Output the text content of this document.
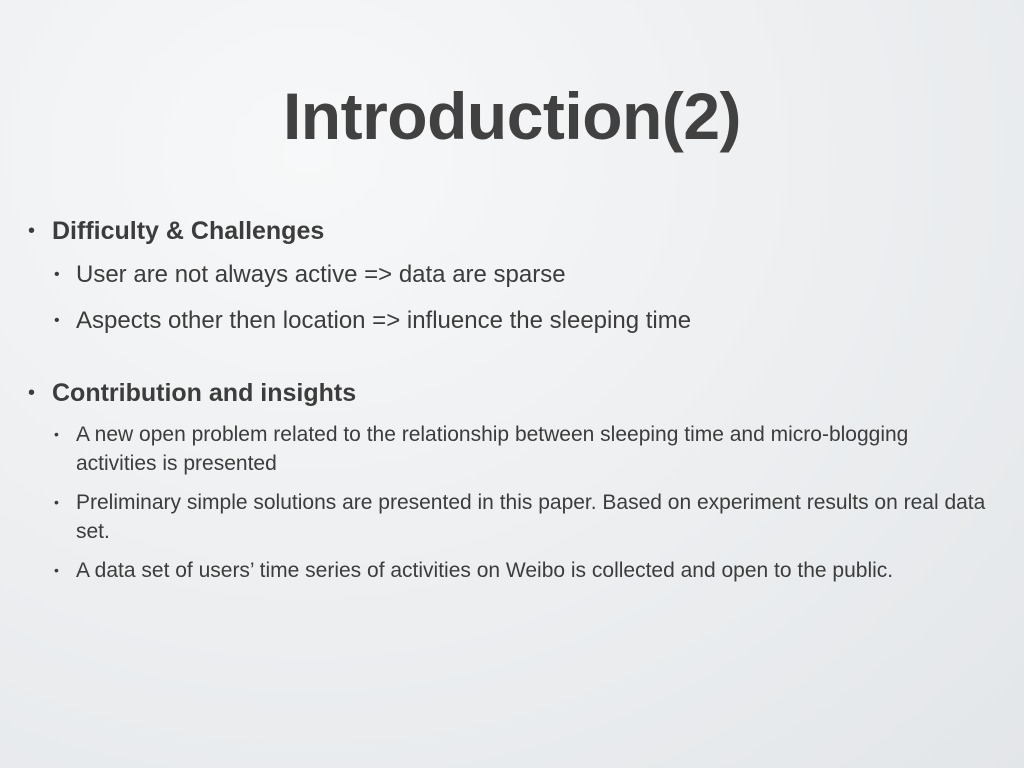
Introduction(2)
• Difficulty & Challenges
• User are not always active => data are sparse
• Aspects other then location => influence the sleeping time
• Contribution and insights
• A new open problem related to the relationship between sleeping time and micro-blogging activities is presented
• Preliminary simple solutions are presented in this paper. Based on experiment results on real data set.
• A data set of users’ time series of activities on Weibo is collected and open to the public.
